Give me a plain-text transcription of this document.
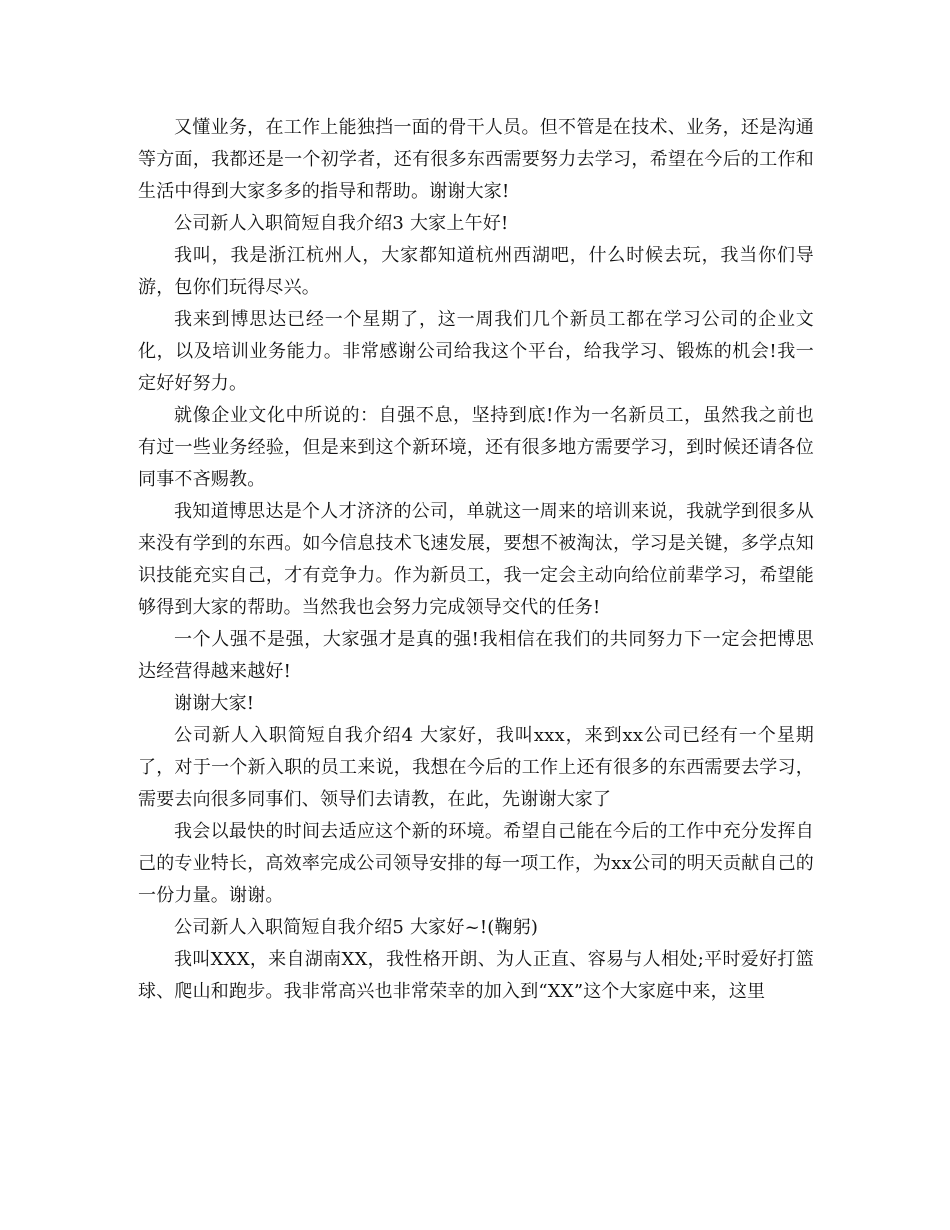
又懂业务，在工作上能独挡一面的骨干人员。但不管是在技术、业务，还是沟通等方面，我都还是一个初学者，还有很多东西需要努力去学习，希望在今后的工作和生活中得到大家多多的指导和帮助。谢谢大家!

公司新人入职简短自我介绍3 大家上午好!

我叫，我是浙江杭州人，大家都知道杭州西湖吧，什么时候去玩，我当你们导游，包你们玩得尽兴。

我来到博思达已经一个星期了，这一周我们几个新员工都在学习公司的企业文化，以及培训业务能力。非常感谢公司给我这个平台，给我学习、锻炼的机会!我一定好好努力。

就像企业文化中所说的：自强不息，坚持到底!作为一名新员工，虽然我之前也有过一些业务经验，但是来到这个新环境，还有很多地方需要学习，到时候还请各位同事不吝赐教。

我知道博思达是个人才济济的公司，单就这一周来的培训来说，我就学到很多从来没有学到的东西。如今信息技术飞速发展，要想不被淘汰，学习是关键，多学点知识技能充实自己，才有竞争力。作为新员工，我一定会主动向给位前辈学习，希望能够得到大家的帮助。当然我也会努力完成领导交代的任务!

一个人强不是强，大家强才是真的强!我相信在我们的共同努力下一定会把博思达经营得越来越好!

谢谢大家!

公司新人入职简短自我介绍4 大家好，我叫xxx，来到xx公司已经有一个星期了，对于一个新入职的员工来说，我想在今后的工作上还有很多的东西需要去学习，需要去向很多同事们、领导们去请教，在此，先谢谢大家了

我会以最快的时间去适应这个新的环境。希望自己能在今后的工作中充分发挥自己的专业特长，高效率完成公司领导安排的每一项工作，为xx公司的明天贡献自己的一份力量。谢谢。

公司新人入职简短自我介绍5 大家好~!(鞠躬)

我叫XXX，来自湖南XX，我性格开朗、为人正直、容易与人相处;平时爱好打篮球、爬山和跑步。我非常高兴也非常荣幸的加入到“XX”这个大家庭中来，这里
